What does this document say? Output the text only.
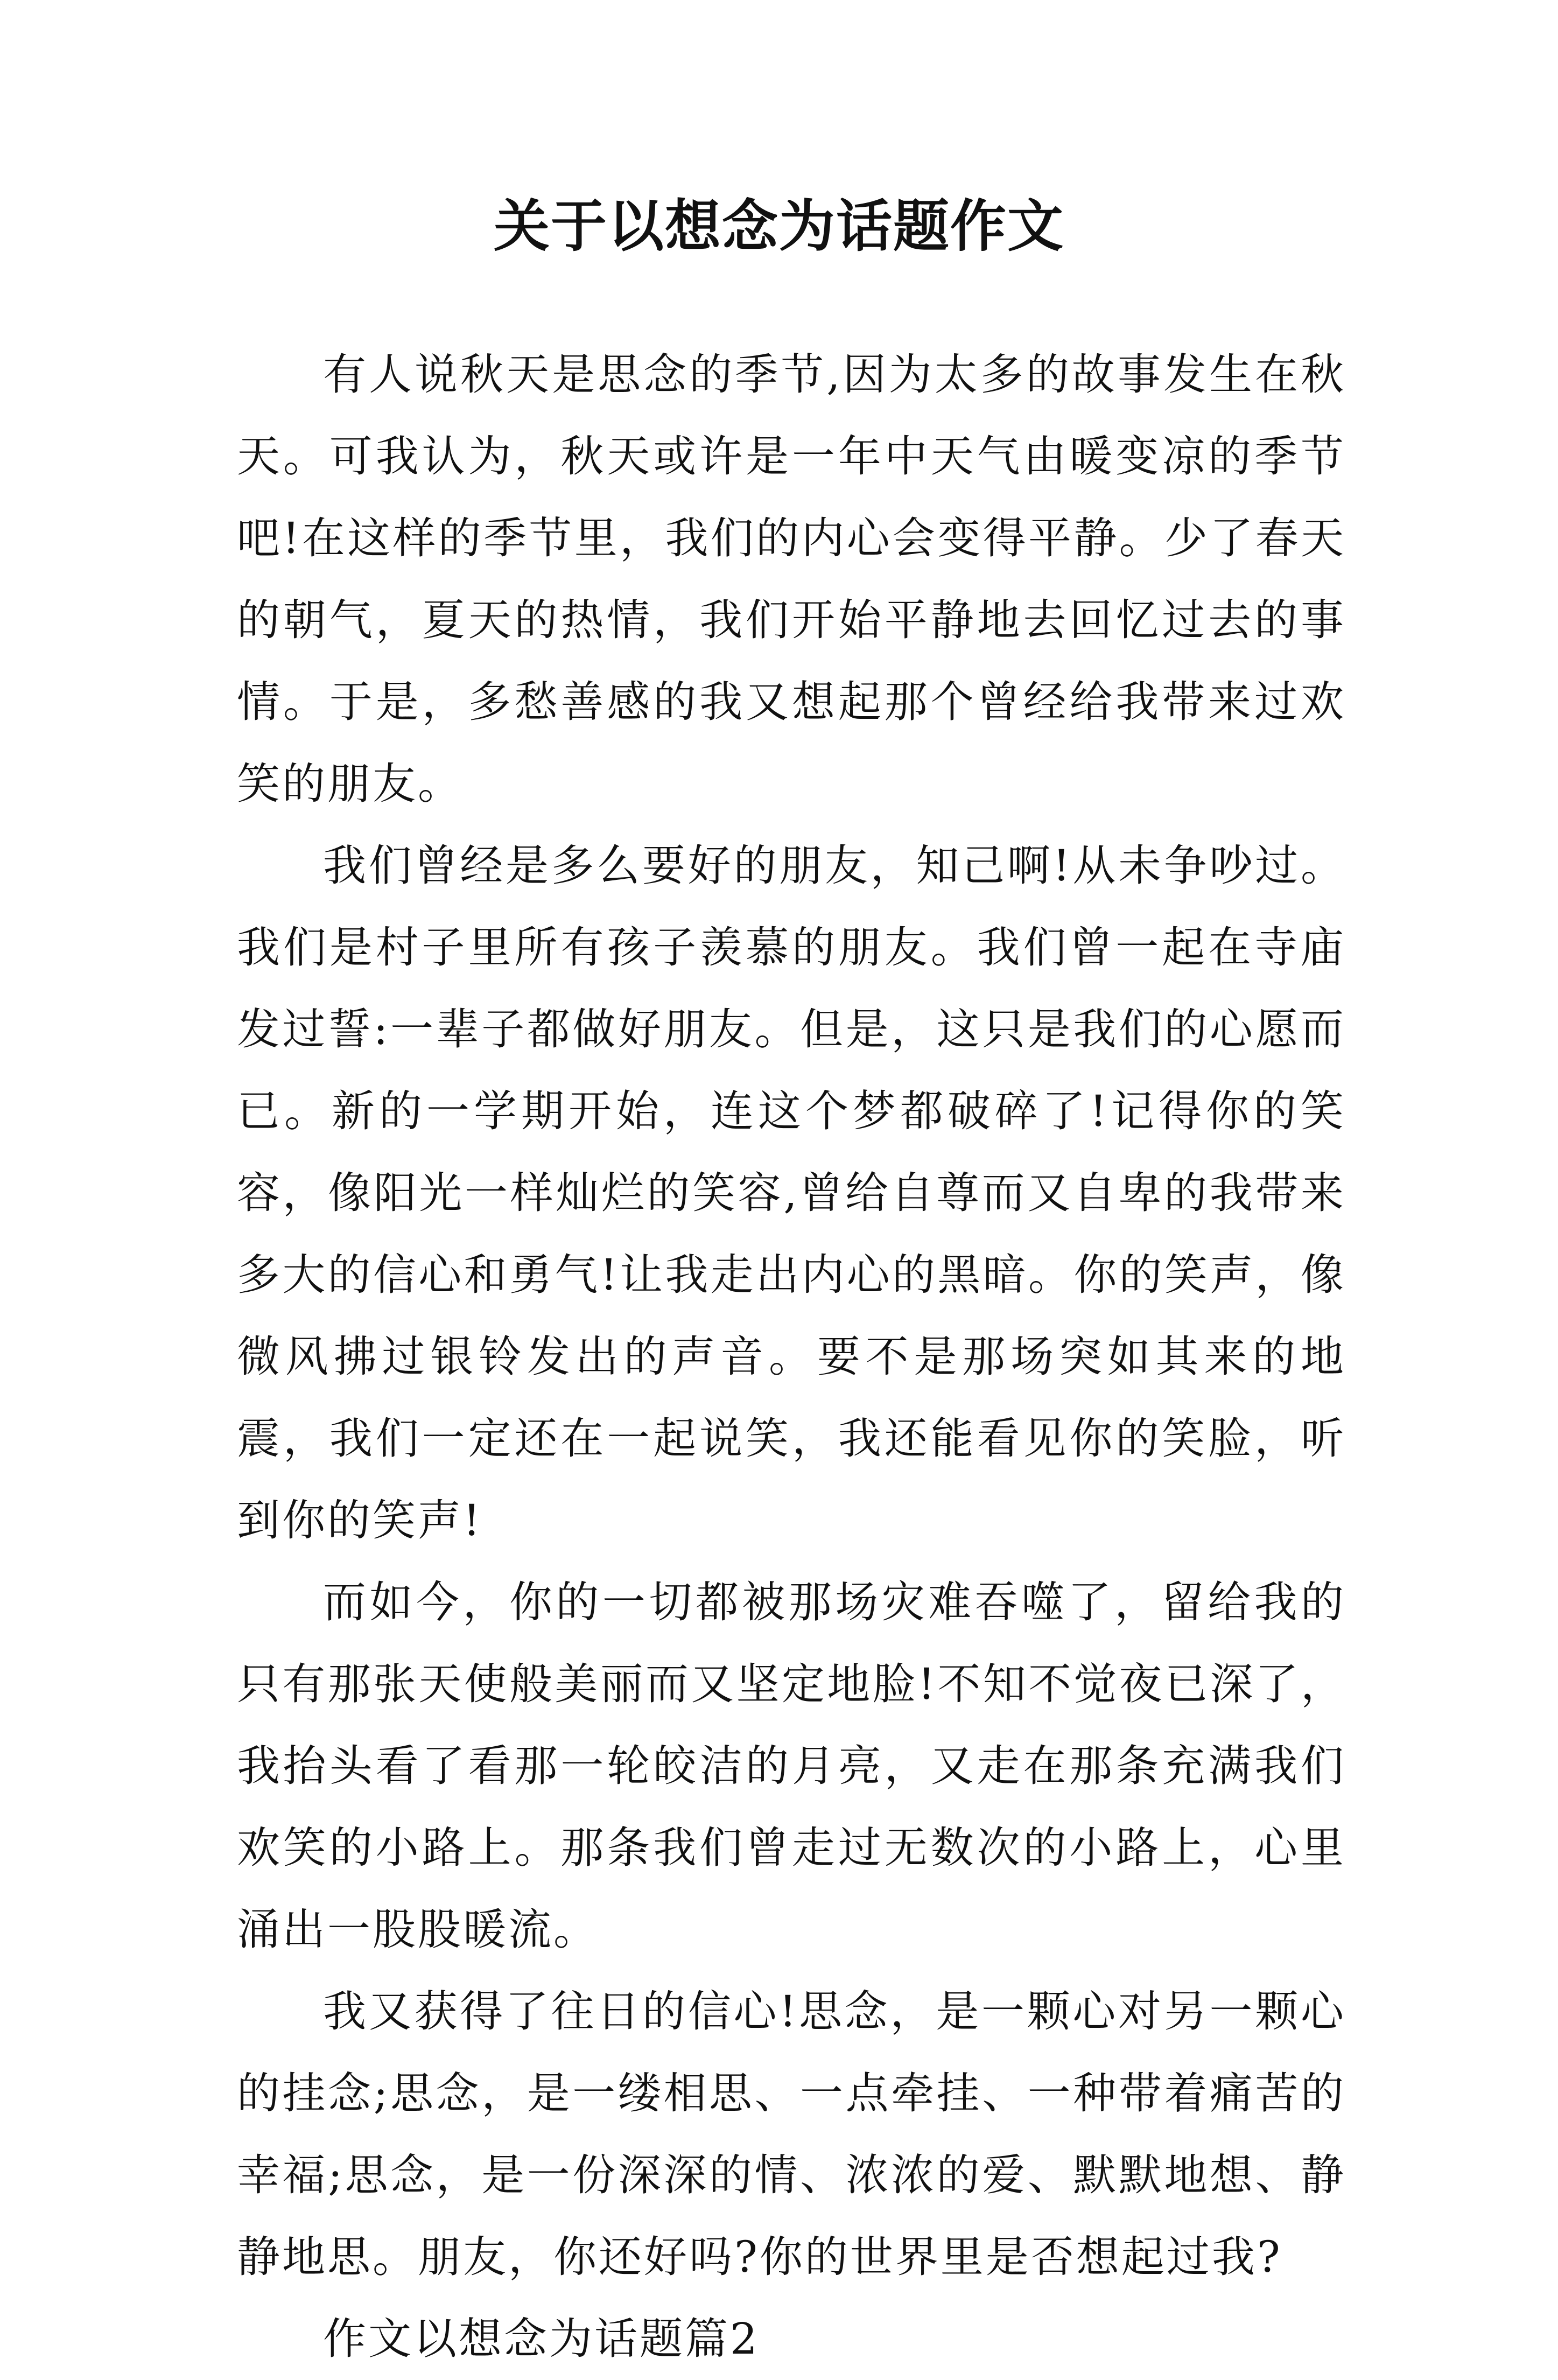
关于以想念为话题作文

有人说秋天是思念的季节,因为太多的故事发生在秋天。可我认为，秋天或许是一年中天气由暖变凉的季节吧!在这样的季节里，我们的内心会变得平静。少了春天的朝气，夏天的热情，我们开始平静地去回忆过去的事情。于是，多愁善感的我又想起那个曾经给我带来过欢笑的朋友。

我们曾经是多么要好的朋友，知己啊!从未争吵过。我们是村子里所有孩子羡慕的朋友。我们曾一起在寺庙发过誓:一辈子都做好朋友。但是，这只是我们的心愿而已。新的一学期开始，连这个梦都破碎了!记得你的笑容，像阳光一样灿烂的笑容,曾给自尊而又自卑的我带来多大的信心和勇气!让我走出内心的黑暗。你的笑声，像微风拂过银铃发出的声音。要不是那场突如其来的地震，我们一定还在一起说笑，我还能看见你的笑脸，听到你的笑声!

而如今，你的一切都被那场灾难吞噬了，留给我的只有那张天使般美丽而又坚定地脸!不知不觉夜已深了，我抬头看了看那一轮皎洁的月亮，又走在那条充满我们欢笑的小路上。那条我们曾走过无数次的小路上，心里涌出一股股暖流。

我又获得了往日的信心!思念，是一颗心对另一颗心的挂念;思念，是一缕相思、一点牵挂、一种带着痛苦的幸福;思念，是一份深深的情、浓浓的爱、默默地想、静静地思。朋友，你还好吗?你的世界里是否想起过我?

作文以想念为话题篇2
